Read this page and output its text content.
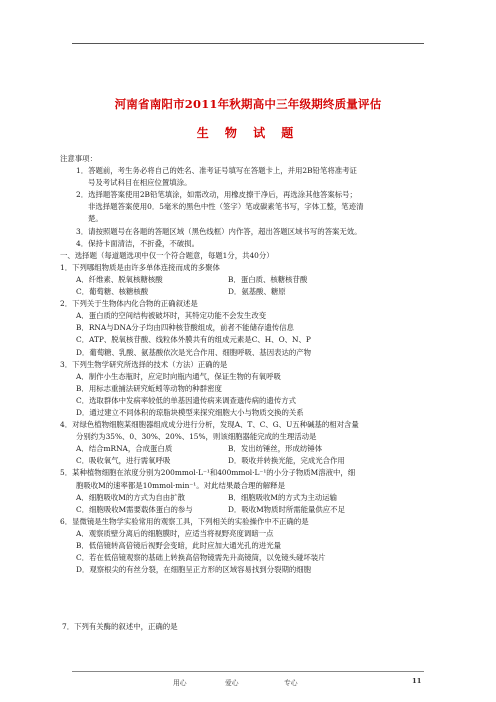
河南省南阳市2011年秋期高中三年级期终质量评估
生 物 试 题
注意事项：
1．答题前，考生务必将自己的姓名、准考证号填写在答题卡上，并用2B铅笔将准考证
号及考试科目在相应位置填涂。
2．选择题答案使用2B铅笔填涂，如需改动，用橡皮擦干净后，再选涂其他答案标号；
非选择题答案使用0．5毫米的黑色中性（签字）笔或碳素笔书写，字体工整，笔迹清
楚。
3．请按照题号在各题的答题区域（黑色线框）内作答，超出答题区域书写的答案无效。
4．保持卡面清洁，不折叠，不破损。
一、选择题（每道题选项中仅一个符合题意，每题1分，共40分）
1．下列哪组物质是由许多单体连接而成的多聚体
A．纤维素、脱氧核糖核酸	B．蛋白质、核糖核苷酸
C．葡萄糖、核糖核酸	D．氨基酸、糖原
2．下列关于生物体内化合物的正确叙述是
A．蛋白质的空间结构被破坏时，其特定功能不会发生改变
B．RNA与DNA分子均由四种核苷酸组成，前者不能储存遗传信息
C．ATP、脱氧核苷酸、线粒体外膜共有的组成元素是C、H、O、N、P
D．葡萄糖、乳酸、氨基酸依次是光合作用、细胞呼吸、基因表达的产物
3．下列生物学研究所选择的技术（方法）正确的是
A．制作小生态瓶时，应定时向瓶内通气，保证生物的有氧呼吸
B．用标志重捕法研究蚯蚓等动物的种群密度
C．选取群体中发病率较低的单基因遗传病来调查遗传病的遗传方式
D．通过建立不同体积的琼脂块模型来探究细胞大小与物质交换的关系
4．对绿色植物细胞某细胞器组成成分进行分析，发现A、T、C、G、U五种碱基的相对含量
分别约为35%、0、30%、20%、15%，则该细胞器能完成的生理活动是
A．结合mRNA，合成蛋白质	B．发出纺锤丝，形成纺锤体
C．吸收氧气，进行需氧呼吸	D．吸收并转换光能，完成光合作用
5．某种植物细胞在浓度分别为200mmol·L⁻¹和400mmol·L⁻¹的小分子物质M溶液中，细
胞吸收M的速率都是10mmol·min⁻¹。对此结果最合理的解释是
A．细胞吸收M的方式为自由扩散	B．细胞吸收M的方式为主动运输
C．细胞吸收M需要载体蛋白的参与	D．吸收M物质时所需能量供应不足
6．显微镜是生物学实验常用的观察工具，下列相关的实验操作中不正确的是
A．观察质壁分离后的细胞膜时，应适当将视野亮度调暗一点
B．低倍镜转高倍镜后视野会变暗，此时应加大通光孔的进光量
C．若在低倍镜观察的基础上转换高倍物镜需先升高镜筒，以免镜头碰坏装片
D．观察根尖的有丝分裂，在细胞呈正方形的区域容易找到分裂期的细胞
7．下列有关酶的叙述中，正确的是
用心	爱心	专心	11
